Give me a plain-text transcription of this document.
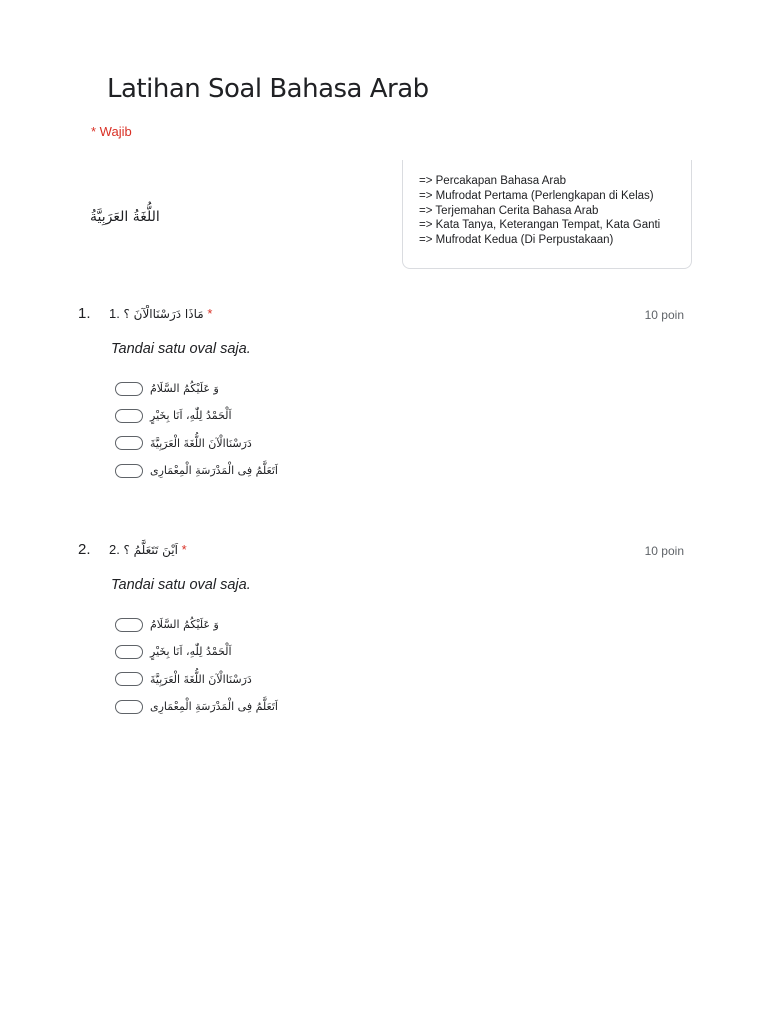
Latihan Soal Bahasa Arab
* Wajib
اللُّغَةُ العَرَبِيَّةُ
=> Percakapan Bahasa Arab
=> Mufrodat Pertama (Perlengkapan di Kelas)
=> Terjemahan Cerita Bahasa Arab
=> Kata Tanya, Keterangan Tempat, Kata Ganti
=> Mufrodat Kedua (Di Perpustakaan)
1. 1. مَاذَا دَرَسْنَاالْآنَ ؟ *	10 poin
Tandai satu oval saja.
وَ عَلَيْكُمُ السَّلَامُ
اَلْحَمْدُ لِلّٰهِ، اَنَا بِخَيْرٍ
دَرَسْنَاالْآنَ اللُّغَةَ الْعَرَبِيَّةَ
اَتَعَلَّمُ فِى الْمَدْرَسَةِ الْمِعْمَارِى
2. 2. اَيْنَ تَتَعَلَّمُ ؟ *	10 poin
Tandai satu oval saja.
وَ عَلَيْكُمُ السَّلَامُ
اَلْحَمْدُ لِلّٰهِ، اَنَا بِخَيْرٍ
دَرَسْنَاالْآنَ اللُّغَةَ الْعَرَبِيَّةَ
اَتَعَلَّمُ فِى الْمَدْرَسَةِ الْمِعْمَارِى
